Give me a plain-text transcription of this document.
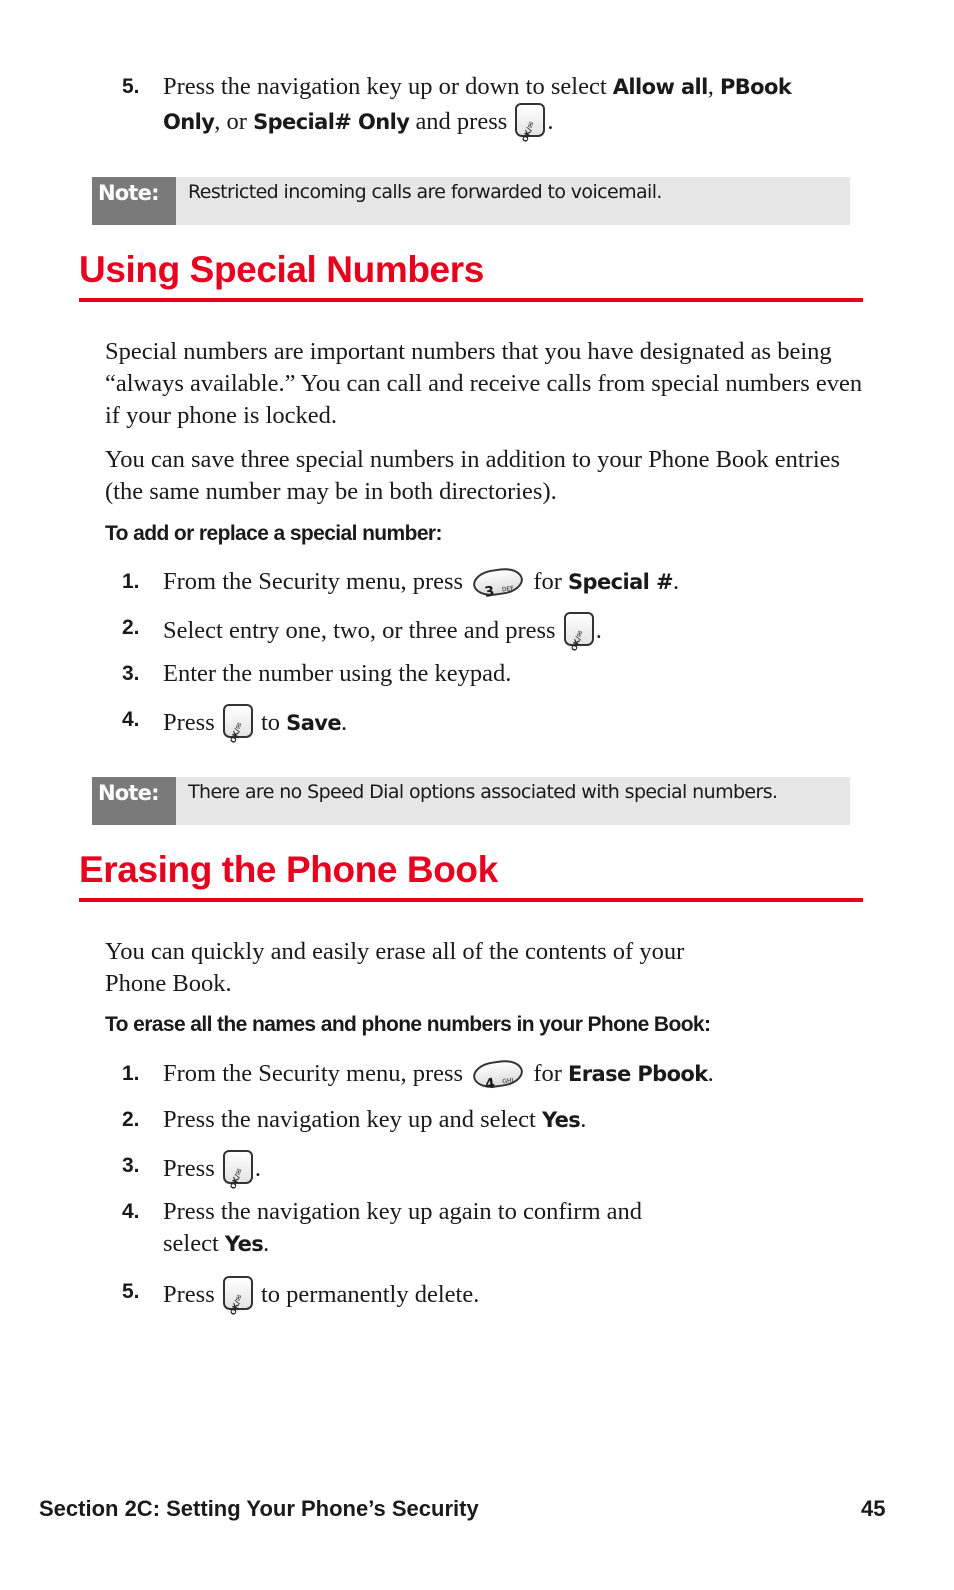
5. Press the navigation key up or down to select Allow all, PBook
Only, or Special# Only and press OK/✉ .
Note:	Restricted incoming calls are forwarded to voicemail.
Using Special Numbers
Special numbers are important numbers that you have designated as being “always available.” You can call and receive calls from special numbers even if your phone is locked.
You can save three special numbers in addition to your Phone Book entries (the same number may be in both directories).
To add or replace a special number:
1. From the Security menu, press 3 DEF for Special #.
2. Select entry one, two, or three and press OK/✉ .
3. Enter the number using the keypad.
4. Press OK/✉ to Save.
Note:	There are no Speed Dial options associated with special numbers.
Erasing the Phone Book
You can quickly and easily erase all of the contents of your
Phone Book.
To erase all the names and phone numbers in your Phone Book:
1. From the Security menu, press 4 GHI for Erase Pbook.
2. Press the navigation key up and select Yes.
3. Press OK/✉ .
4. Press the navigation key up again to confirm and
select Yes.
5. Press OK/✉ to permanently delete.
Section 2C: Setting Your Phone’s Security	45
